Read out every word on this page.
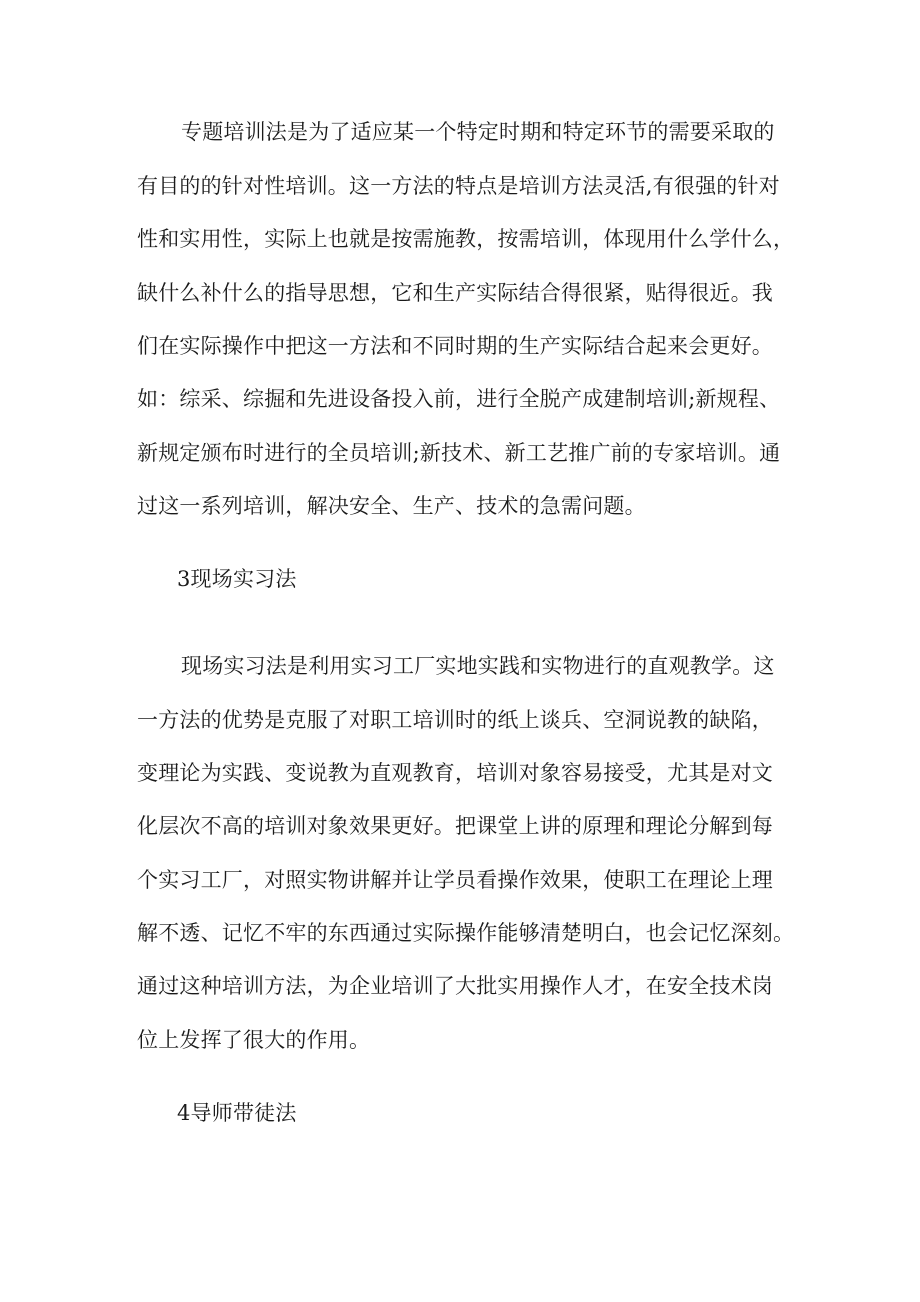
专题培训法是为了适应某一个特定时期和特定环节的需要采取的
有目的的针对性培训。这一方法的特点是培训方法灵活,有很强的针对
性和实用性，实际上也就是按需施教，按需培训，体现用什么学什么，
缺什么补什么的指导思想，它和生产实际结合得很紧，贴得很近。我
们在实际操作中把这一方法和不同时期的生产实际结合起来会更好。
如：综采、综掘和先进设备投入前，进行全脱产成建制培训;新规程、
新规定颁布时进行的全员培训;新技术、新工艺推广前的专家培训。通
过这一系列培训，解决安全、生产、技术的急需问题。
3现场实习法
现场实习法是利用实习工厂实地实践和实物进行的直观教学。这
一方法的优势是克服了对职工培训时的纸上谈兵、空洞说教的缺陷，
变理论为实践、变说教为直观教育，培训对象容易接受，尤其是对文
化层次不高的培训对象效果更好。把课堂上讲的原理和理论分解到每
个实习工厂，对照实物讲解并让学员看操作效果，使职工在理论上理
解不透、记忆不牢的东西通过实际操作能够清楚明白，也会记忆深刻。
通过这种培训方法，为企业培训了大批实用操作人才，在安全技术岗
位上发挥了很大的作用。
4导师带徒法
